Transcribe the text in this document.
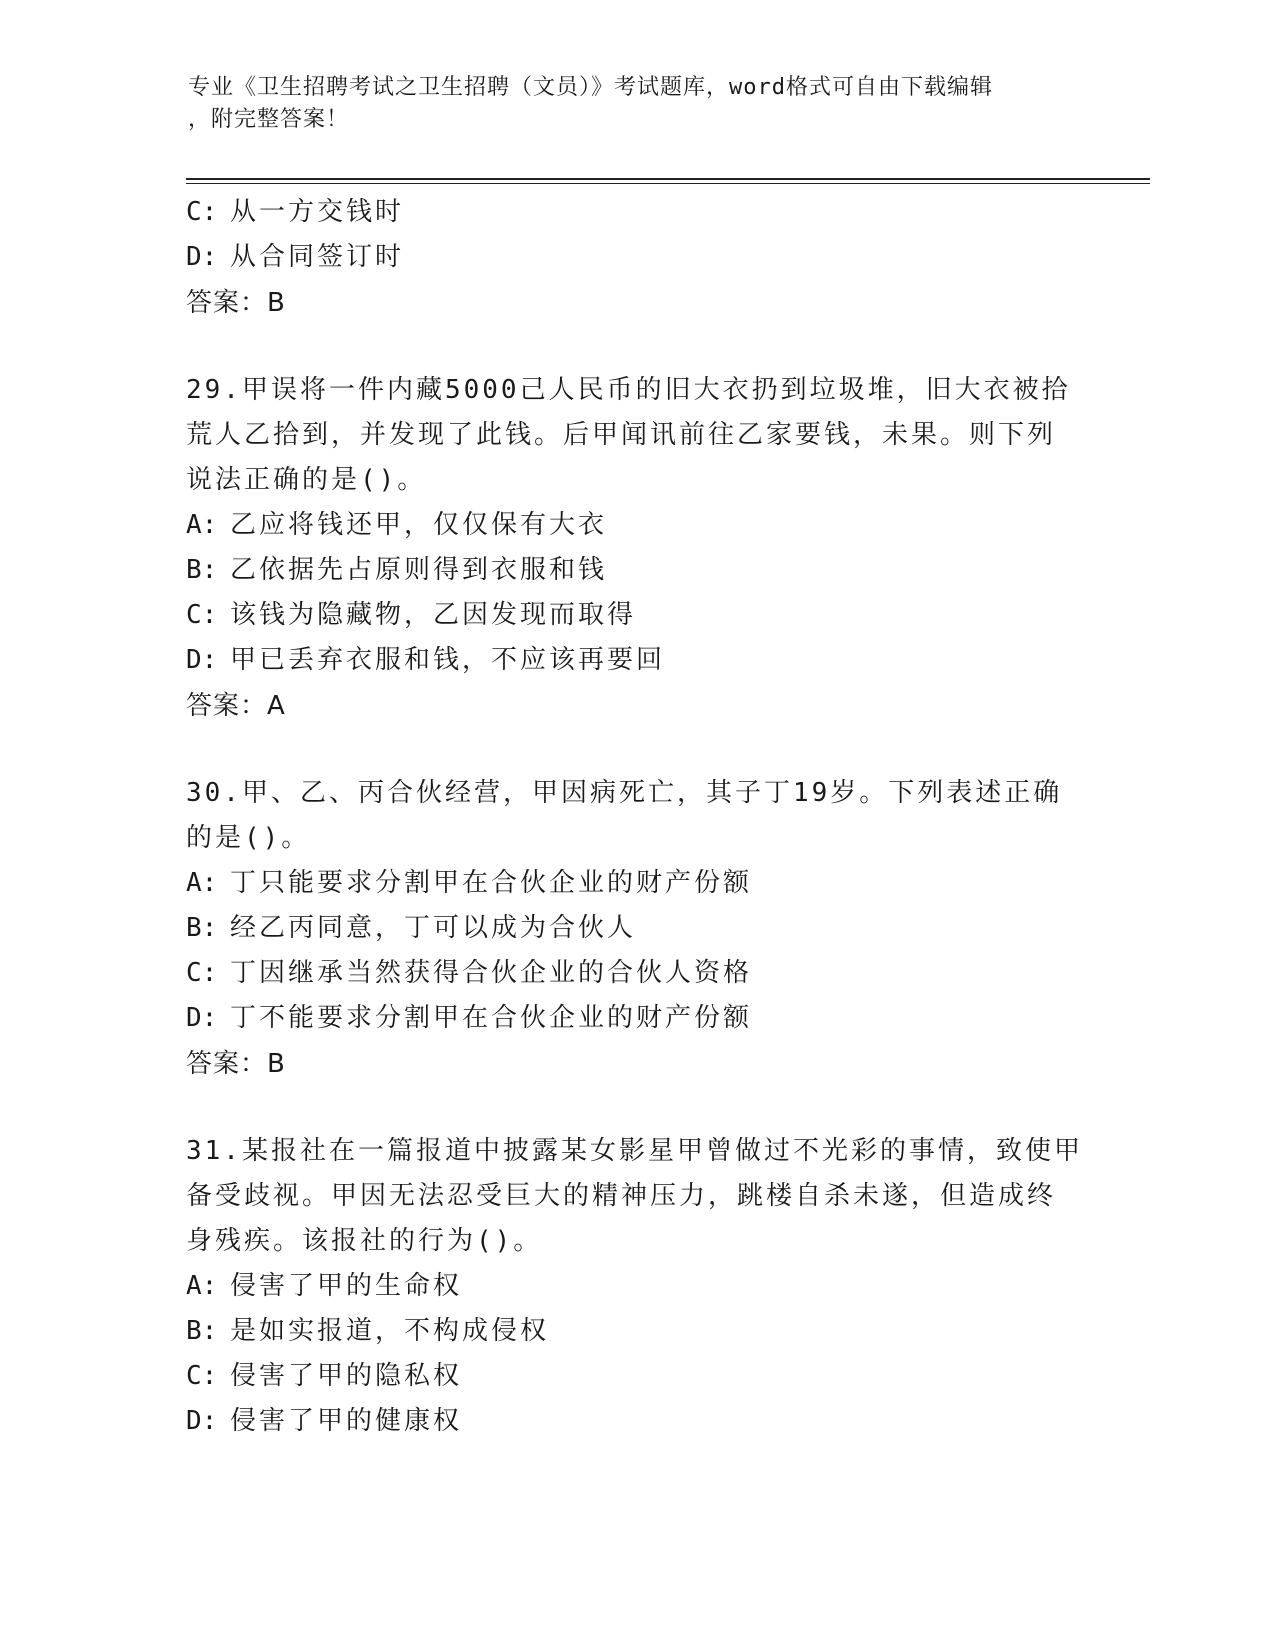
专业《卫生招聘考试之卫生招聘（文员）》考试题库，word格式可自由下载编辑
，附完整答案！
C: 从一方交钱时
D: 从合同签订时
答案：B
29.甲误将一件内藏5000己人民币的旧大衣扔到垃圾堆，旧大衣被拾
荒人乙拾到，并发现了此钱。后甲闻讯前往乙家要钱，未果。则下列
说法正确的是()。
A: 乙应将钱还甲，仅仅保有大衣
B: 乙依据先占原则得到衣服和钱
C: 该钱为隐藏物，乙因发现而取得
D: 甲已丢弃衣服和钱，不应该再要回
答案：A
30.甲、乙、丙合伙经营，甲因病死亡，其子丁19岁。下列表述正确
的是()。
A: 丁只能要求分割甲在合伙企业的财产份额
B: 经乙丙同意，丁可以成为合伙人
C: 丁因继承当然获得合伙企业的合伙人资格
D: 丁不能要求分割甲在合伙企业的财产份额
答案：B
31.某报社在一篇报道中披露某女影星甲曾做过不光彩的事情，致使甲
备受歧视。甲因无法忍受巨大的精神压力，跳楼自杀未遂，但造成终
身残疾。该报社的行为()。
A: 侵害了甲的生命权
B: 是如实报道，不构成侵权
C: 侵害了甲的隐私权
D: 侵害了甲的健康权
